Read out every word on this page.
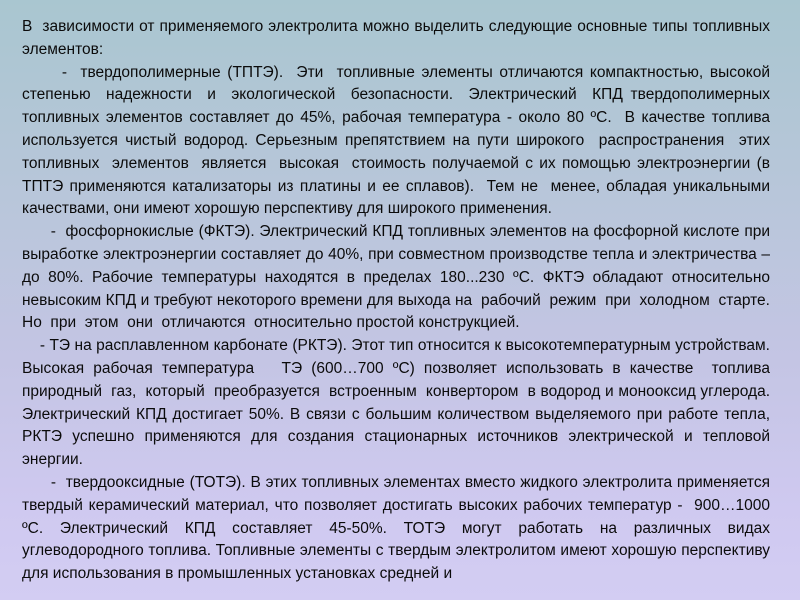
В  зависимости от применяемого электролита можно выделить следующие основные типы топливных элементов:

-  твердополимерные (ТПТЭ).  Эти  топливные элементы отличаются компактностью, высокой  степенью  надежности  и  экологической  безопасности.  Электрический  КПД твердополимерных топливных элементов составляет до 45%, рабочая температура - около 80 ºС.  В качестве топлива используется чистый водород. Серьезным препятствием на пути широкого  распространения  этих  топливных  элементов  является  высокая  стоимость получаемой с их помощью электроэнергии (в ТПТЭ применяются катализаторы из платины и ее сплавов).  Тем не  менее, обладая уникальными  качествами, они имеют хорошую перспективу для широкого применения.

-  фосфорнокислые (ФКТЭ). Электрический КПД топливных элементов на фосфорной кислоте при выработке электроэнергии составляет до 40%, при совместном производстве тепла и электричества – до 80%. Рабочие температуры находятся в пределах 180...230 ºС. ФКТЭ обладают относительно невысоким КПД и требуют некоторого времени для выхода на  рабочий  режим  при  холодном  старте.  Но  при  этом  они  отличаются  относительно простой конструкцией.

- ТЭ на расплавленном карбонате (РКТЭ). Этот тип относится к высокотемпературным устройствам. Высокая рабочая температура   ТЭ (600…700 ºС) позволяет использовать в качестве  топлива  природный  газ,  который  преобразуется  встроенным  конвертором  в водород и монооксид углерода. Электрический КПД достигает 50%. В связи с большим количеством выделяемого при работе тепла, РКТЭ успешно применяются для создания стационарных источников электрической и тепловой энергии.

-  твердооксидные (ТОТЭ). В этих топливных элементах вместо жидкого электролита применяется твердый керамический материал, что позволяет достигать высоких рабочих температур -  900…1000 ºС. Электрический КПД составляет 45-50%. ТОТЭ могут работать на различных видах углеводородного топлива. Топливные элементы с твердым электролитом имеют хорошую перспективу для использования в промышленных установках средней и
